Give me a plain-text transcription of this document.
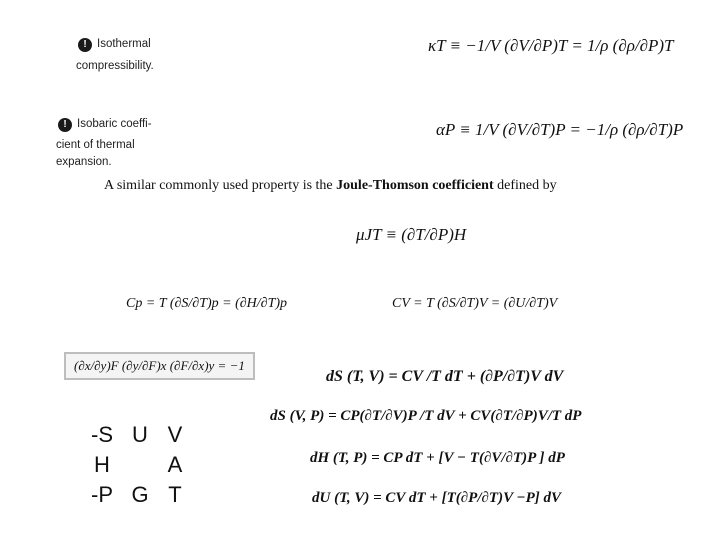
! Isothermal
compressibility.
! Isobaric coeffi-
cient of thermal
expansion.
κT ≡ −1/V (∂V/∂P)T = 1/ρ (∂ρ/∂P)T
αP ≡ 1/V (∂V/∂T)P = −1/ρ (∂ρ/∂T)P
A similar commonly used property is the Joule-Thomson coefficient defined by
μJT ≡ (∂T/∂P)H
Cp = T (∂S/∂T)p = (∂H/∂T)p	CV = T (∂S/∂T)V = (∂U/∂T)V
(∂x/∂y)F (∂y/∂F)x (∂F/∂x)y = −1
-S U V
H	A
-P G T
dS (T, V) = CV /T dT + (∂P/∂T)V dV
dS (V, P) = CP(∂T/∂V)P /T dV + CV(∂T/∂P)V/T dP
dH (T, P) = CP dT + [V − T(∂V/∂T)P ] dP
dU (T, V) = CV dT + [T(∂P/∂T)V −P] dV
